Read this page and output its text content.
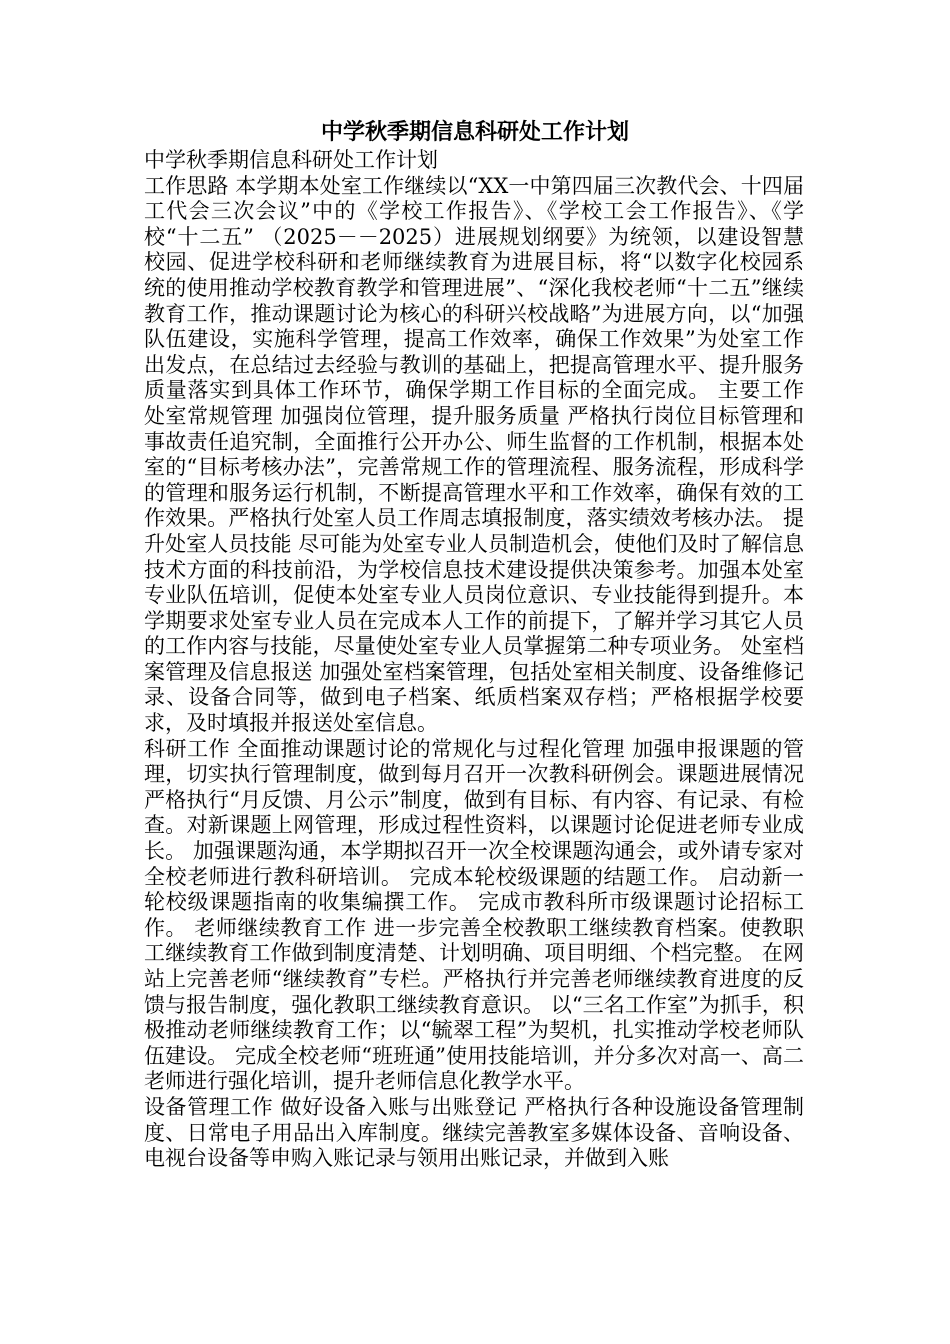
中学秋季期信息科研处工作计划

中学秋季期信息科研处工作计划

工作思路 本学期本处室工作继续以“XX一中第四届三次教代会、十四届工代会三次会议”中的《学校工作报告》、《学校工会工作报告》、《学校“十二五” （2025－－2025）进展规划纲要》为统领，以建设智慧校园、促进学校科研和老师继续教育为进展目标，将“以数字化校园系统的使用推动学校教育教学和管理进展”、“深化我校老师“十二五”继续教育工作，推动课题讨论为核心的科研兴校战略”为进展方向，以“加强队伍建设，实施科学管理，提高工作效率，确保工作效果”为处室工作出发点，在总结过去经验与教训的基础上，把提高管理水平、提升服务质量落实到具体工作环节，确保学期工作目标的全面完成。 主要工作 处室常规管理 加强岗位管理，提升服务质量 严格执行岗位目标管理和事故责任追究制，全面推行公开办公、师生监督的工作机制，根据本处室的“目标考核办法”，完善常规工作的管理流程、服务流程，形成科学的管理和服务运行机制，不断提高管理水平和工作效率，确保有效的工作效果。严格执行处室人员工作周志填报制度，落实绩效考核办法。 提升处室人员技能 尽可能为处室专业人员制造机会，使他们及时了解信息技术方面的科技前沿，为学校信息技术建设提供决策参考。加强本处室专业队伍培训，促使本处室专业人员岗位意识、专业技能得到提升。本学期要求处室专业人员在完成本人工作的前提下，了解并学习其它人员的工作内容与技能，尽量使处室专业人员掌握第二种专项业务。 处室档案管理及信息报送 加强处室档案管理，包括处室相关制度、设备维修记录、设备合同等，做到电子档案、纸质档案双存档；严格根据学校要求，及时填报并报送处室信息。

科研工作 全面推动课题讨论的常规化与过程化管理 加强申报课题的管理，切实执行管理制度，做到每月召开一次教科研例会。课题进展情况严格执行“月反馈、月公示”制度，做到有目标、有内容、有记录、有检查。对新课题上网管理，形成过程性资料，以课题讨论促进老师专业成长。 加强课题沟通，本学期拟召开一次全校课题沟通会，或外请专家对全校老师进行教科研培训。 完成本轮校级课题的结题工作。 启动新一轮校级课题指南的收集编撰工作。 完成市教科所市级课题讨论招标工作。 老师继续教育工作 进一步完善全校教职工继续教育档案。使教职工继续教育工作做到制度清楚、计划明确、项目明细、个档完整。 在网站上完善老师“继续教育”专栏。严格执行并完善老师继续教育进度的反馈与报告制度，强化教职工继续教育意识。 以“三名工作室”为抓手，积极推动老师继续教育工作；以“毓翠工程”为契机，扎实推动学校老师队伍建设。 完成全校老师“班班通”使用技能培训，并分多次对高一、高二老师进行强化培训，提升老师信息化教学水平。

设备管理工作 做好设备入账与出账登记 严格执行各种设施设备管理制度、日常电子用品出入库制度。继续完善教室多媒体设备、音响设备、电视台设备等申购入账记录与领用出账记录，并做到入账
